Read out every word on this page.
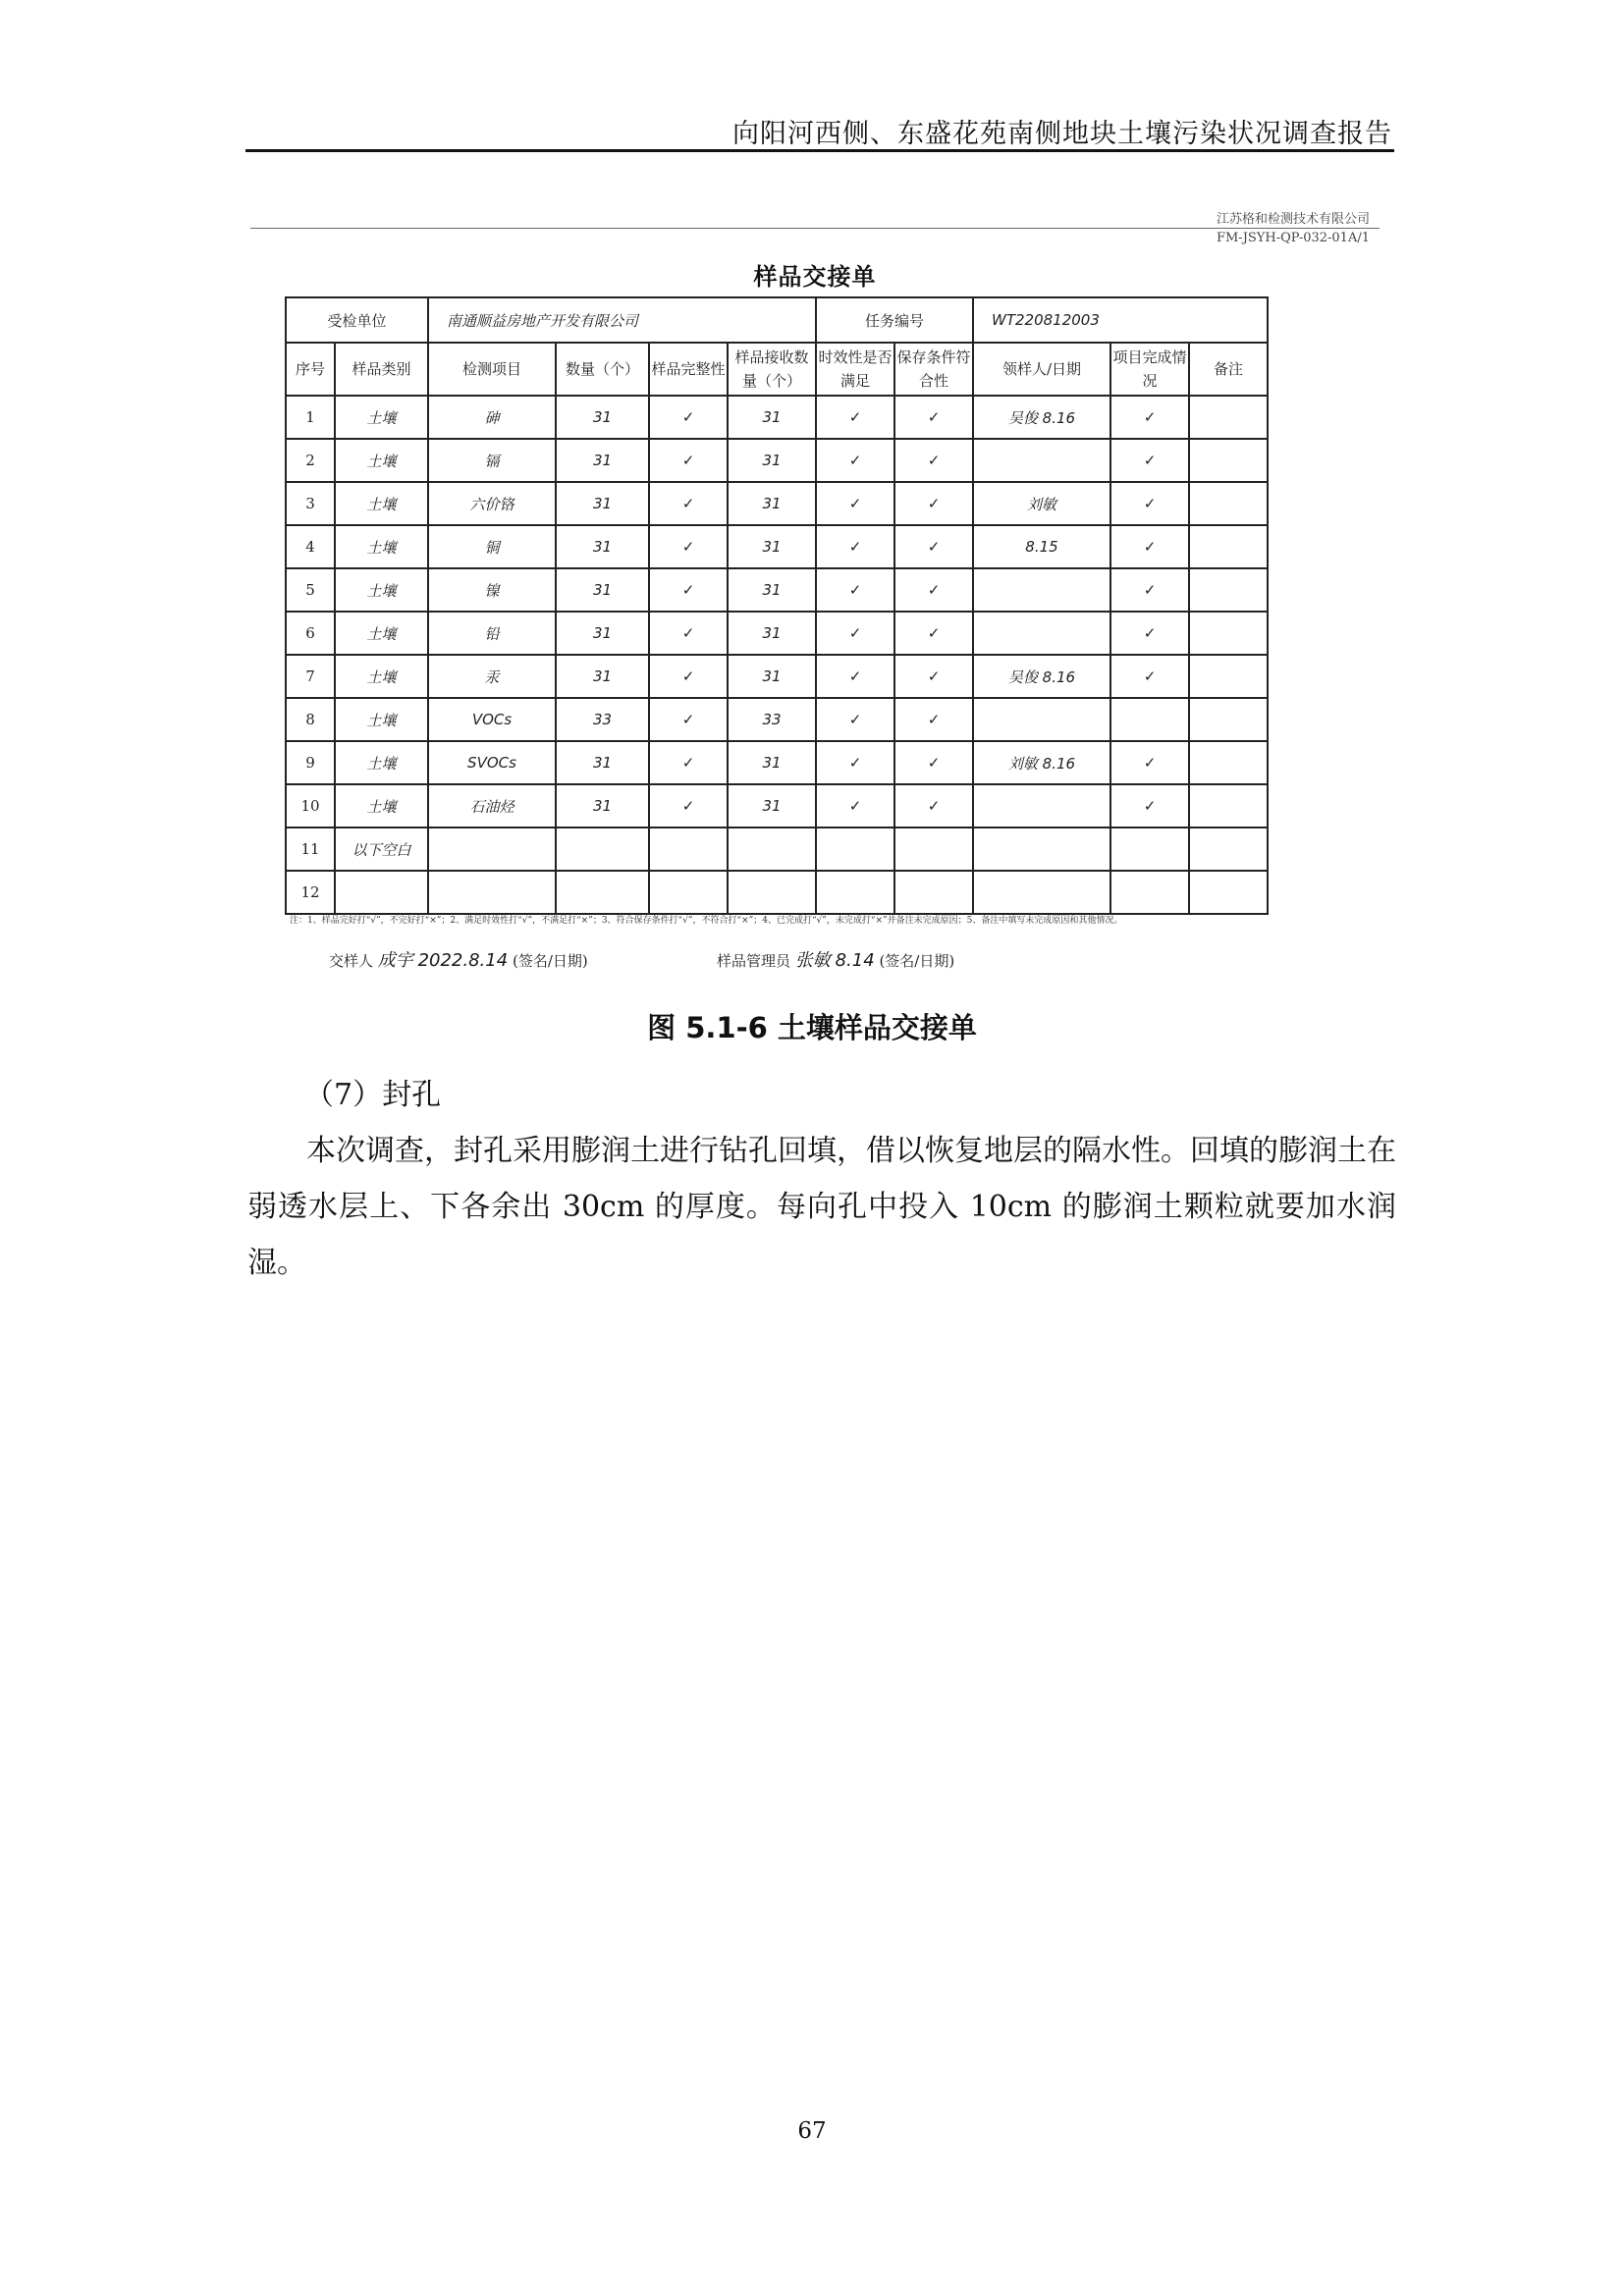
向阳河西侧、东盛花苑南侧地块土壤污染状况调查报告
江苏格和检测技术有限公司
FM-JSYH-QP-032-01A/1
样品交接单
受检单位		南通顺益房地产开发有限公司				任务编号		WT220812003		
序号	样品类别	检测项目	数量（个）	样品完整性	样品接收数量（个）	时效性是否满足	保存条件符合性	领样人/日期	项目完成情况	备注
1	土壤	砷	31	✓	31	✓	✓	吴俊 8.16	✓	
2	土壤	镉	31	✓	31	✓	✓		✓	
3	土壤	六价铬	31	✓	31	✓	✓	刘敏	✓	
4	土壤	铜	31	✓	31	✓	✓	8.15	✓	
5	土壤	镍	31	✓	31	✓	✓		✓	
6	土壤	铅	31	✓	31	✓	✓		✓	
7	土壤	汞	31	✓	31	✓	✓	吴俊 8.16	✓	
8	土壤	VOCs	33	✓	33	✓	✓			
9	土壤	SVOCs	31	✓	31	✓	✓	刘敏 8.16	✓	
10	土壤	石油烃	31	✓	31	✓	✓		✓	
11	以下空白									
12										
注：1、样品完好打“√”，不完好打“×”；2、满足时效性打“√”，不满足打“×”；3、符合保存条件打“√”，不符合打“×”；4、已完成打“√”，未完成打“×”并备注未完成原因；5、备注中填写未完成原因和其他情况。
交样人 成宇 2022.8.14 (签名/日期)	样品管理员 张敏 8.14 (签名/日期)
图 5.1-6 土壤样品交接单
（7）封孔
本次调查，封孔采用膨润土进行钻孔回填，借以恢复地层的隔水性。回填的膨润土在弱透水层上、下各余出 30cm 的厚度。每向孔中投入 10cm 的膨润土颗粒就要加水润湿。
67
